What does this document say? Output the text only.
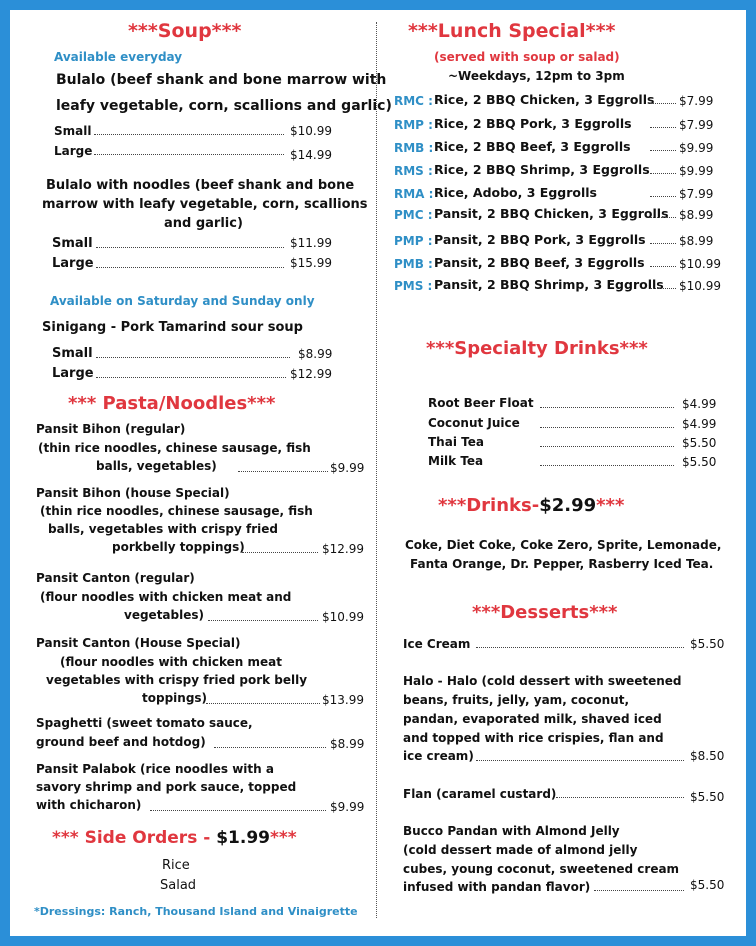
***Soup***
Available everyday
Bulalo (beef shank and bone marrow with
leafy vegetable, corn, scallions and garlic)
Small	$10.99
Large	$14.99
Bulalo with noodles (beef shank and bone
marrow with leafy vegetable, corn, scallions
and garlic)
Small	$11.99
Large	$15.99
Available on Saturday and Sunday only
Sinigang - Pork Tamarind sour soup
Small	$8.99
Large	$12.99
*** Pasta/Noodles***
Pansit Bihon (regular)
(thin rice noodles, chinese sausage, fish
balls, vegetables)	$9.99
Pansit Bihon (house Special)
(thin rice noodles, chinese sausage, fish
balls, vegetables with crispy fried
porkbelly toppings)	$12.99
Pansit Canton (regular)
(flour noodles with chicken meat and
vegetables)	$10.99
Pansit Canton (House Special)
(flour noodles with chicken meat
vegetables with crispy fried pork belly
toppings)	$13.99
Spaghetti (sweet tomato sauce,
ground beef and hotdog)	$8.99
Pansit Palabok (rice noodles with a
savory shrimp and pork sauce, topped
with chicharon)	$9.99
*** Side Orders - $1.99***
Rice
Salad
*Dressings: Ranch, Thousand Island and Vinaigrette
***Lunch Special***
(served with soup or salad)
~Weekdays, 12pm to 3pm
RMC : Rice, 2 BBQ Chicken, 3 Eggrolls $7.99
RMP : Rice, 2 BBQ Pork, 3 Eggrolls	$7.99
RMB : Rice, 2 BBQ Beef, 3 Eggrolls	$9.99
RMS : Rice, 2 BBQ Shrimp, 3 Eggrolls $9.99
RMA : Rice, Adobo, 3 Eggrolls	$7.99
PMC : Pansit, 2 BBQ Chicken, 3 Eggrolls $8.99
PMP : Pansit, 2 BBQ Pork, 3 Eggrolls	$8.99
PMB : Pansit, 2 BBQ Beef, 3 Eggrolls	$10.99
PMS : Pansit, 2 BBQ Shrimp, 3 Eggrolls $10.99
***Specialty Drinks***
Root Beer Float	$4.99
Coconut Juice	$4.99
Thai Tea	$5.50
Milk Tea	$5.50
***Drinks-$2.99***
Coke, Diet Coke, Coke Zero, Sprite, Lemonade,
Fanta Orange, Dr. Pepper, Rasberry Iced Tea.
***Desserts***
Ice Cream	$5.50
Halo - Halo (cold dessert with sweetened
beans, fruits, jelly, yam, coconut,
pandan, evaporated milk, shaved iced
and topped with rice crispies, flan and
ice cream)	$8.50
Flan (caramel custard)	$5.50
Bucco Pandan with Almond Jelly
(cold dessert made of almond jelly
cubes, young coconut, sweetened cream
infused with pandan flavor)	$5.50
